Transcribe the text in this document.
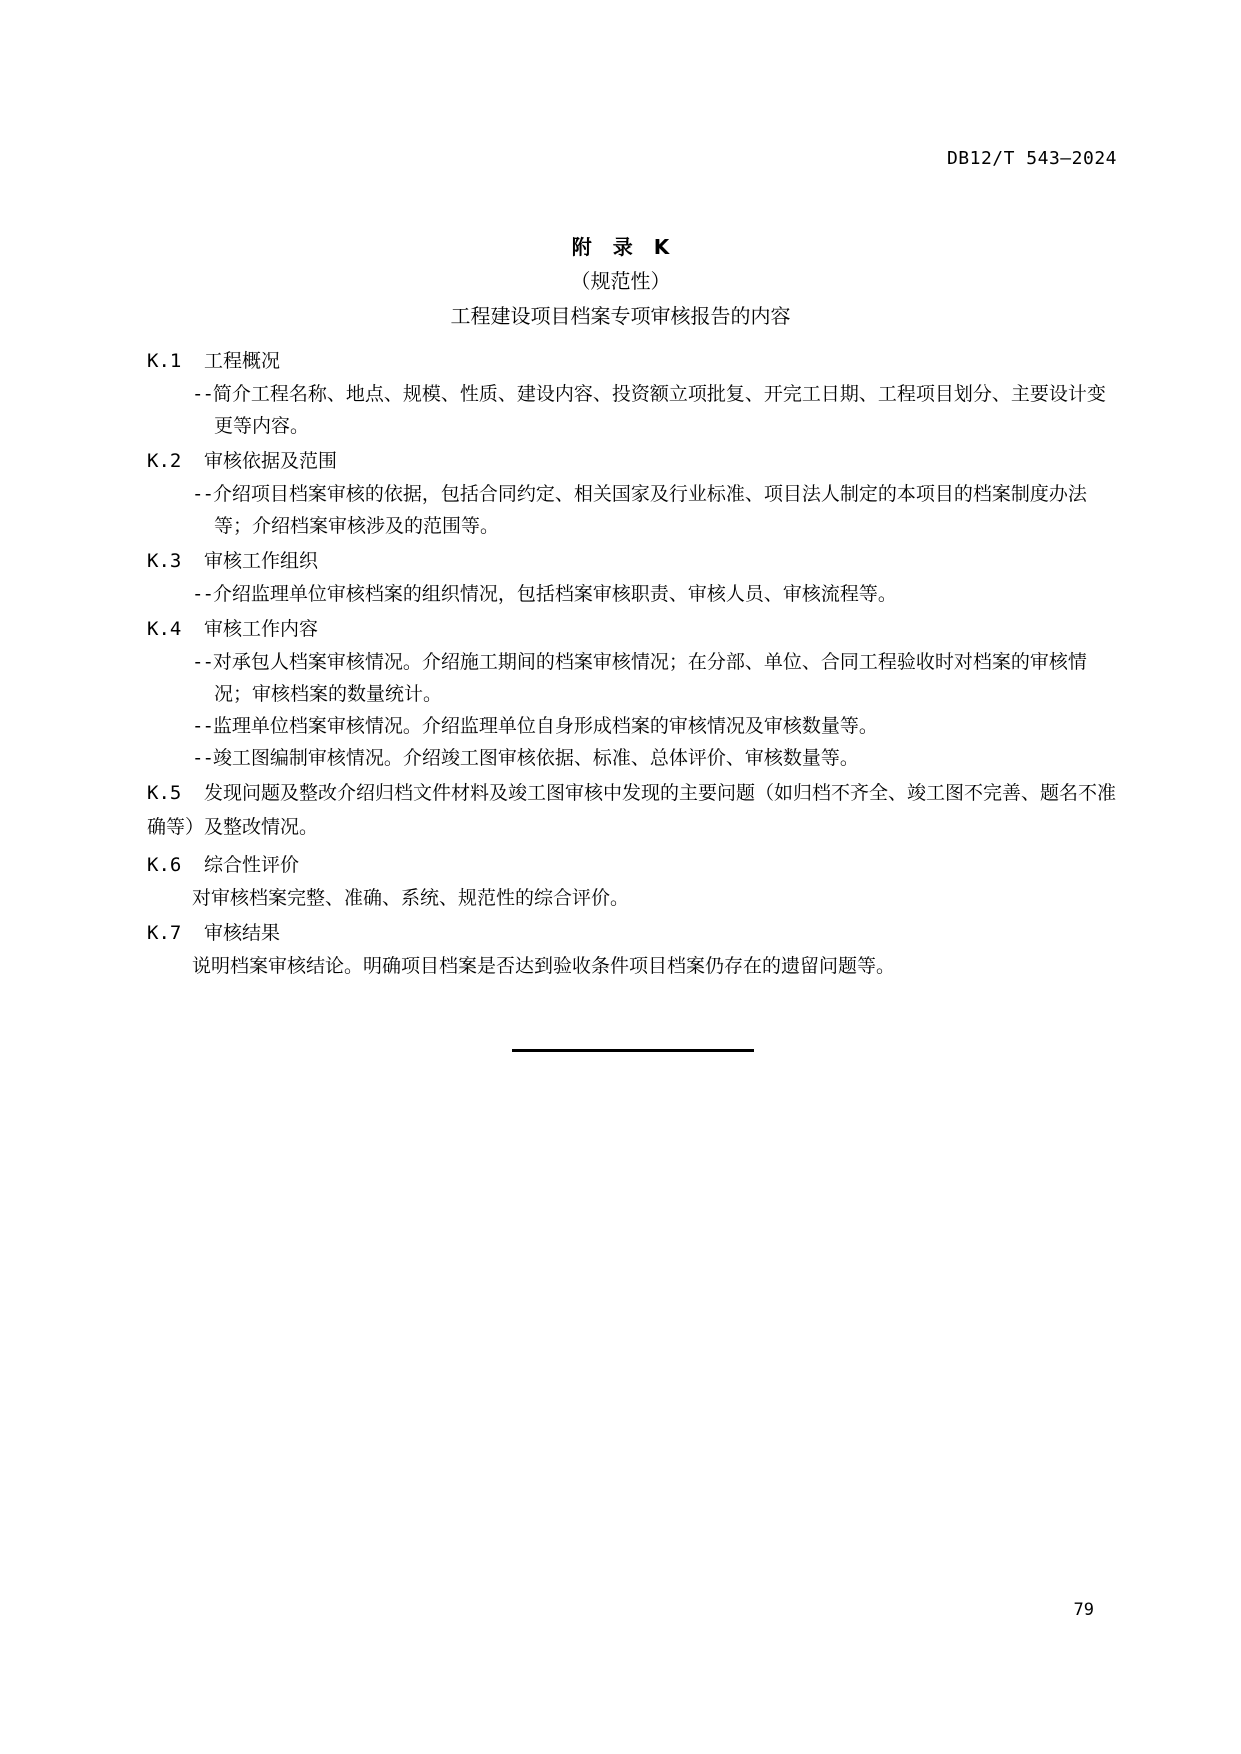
DB12/T 543—2024
附 录 K
（规范性）
工程建设项目档案专项审核报告的内容
K.1 工程概况
--简介工程名称、地点、规模、性质、建设内容、投资额立项批复、开完工日期、工程项目划分、主要设计变更等内容。
K.2 审核依据及范围
--介绍项目档案审核的依据，包括合同约定、相关国家及行业标准、项目法人制定的本项目的档案制度办法等；介绍档案审核涉及的范围等。
K.3 审核工作组织
--介绍监理单位审核档案的组织情况，包括档案审核职责、审核人员、审核流程等。
K.4 审核工作内容
--对承包人档案审核情况。介绍施工期间的档案审核情况；在分部、单位、合同工程验收时对档案的审核情况；审核档案的数量统计。
--监理单位档案审核情况。介绍监理单位自身形成档案的审核情况及审核数量等。
--竣工图编制审核情况。介绍竣工图审核依据、标准、总体评价、审核数量等。
K.5 发现问题及整改介绍归档文件材料及竣工图审核中发现的主要问题（如归档不齐全、竣工图不完善、题名不准确等）及整改情况。
K.6 综合性评价
对审核档案完整、准确、系统、规范性的综合评价。
K.7 审核结果
说明档案审核结论。明确项目档案是否达到验收条件项目档案仍存在的遗留问题等。
79
